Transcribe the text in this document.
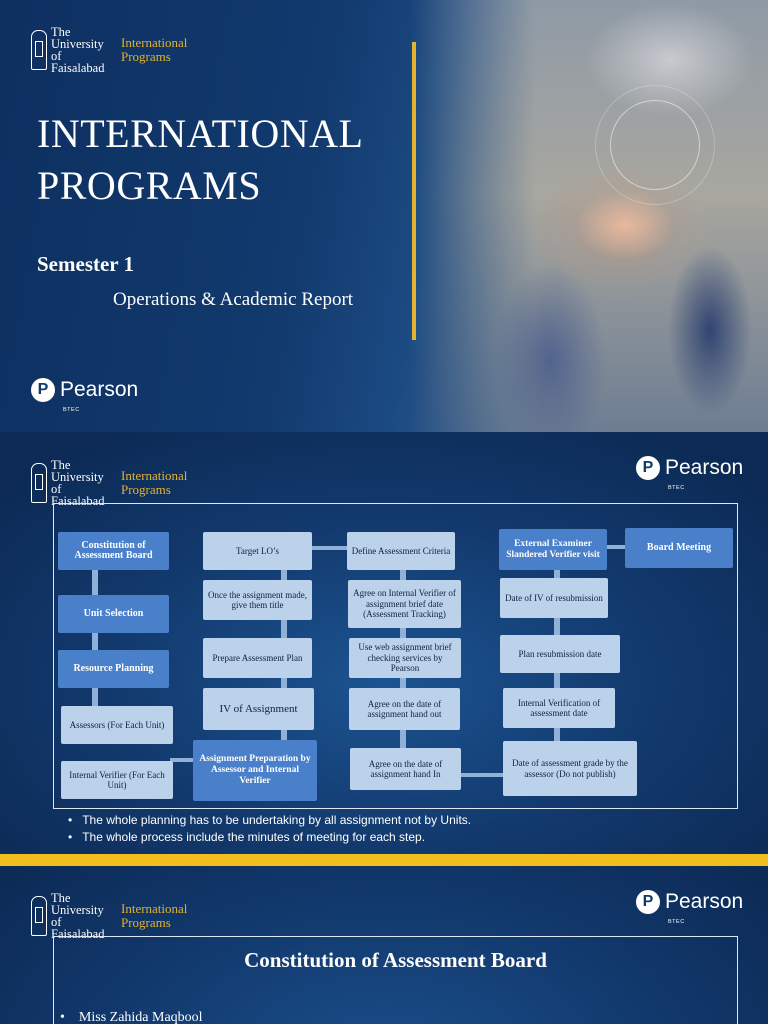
The
University of
Faisalabad
International
Programs
INTERNATIONAL
PROGRAMS
Semester 1
Operations & Academic Report
P Pearson
BTEC
The
University of
Faisalabad
International
Programs
P Pearson
BTEC
Constitution of Assessment Board
Unit Selection
Resource Planning
Assessors (For Each Unit)
Internal Verifier (For Each Unit)
Target LO’s
Once the assignment made, give them title
Prepare Assessment Plan
IV of Assignment
Assignment Preparation by Assessor and Internal Verifier
Define Assessment Criteria
Agree on Internal Verifier of assignment brief date (Assessment Tracking)
Use web assignment brief checking services by Pearson
Agree on the date of assignment hand out
Agree on the date of assignment hand In
External Examiner Slandered Verifier visit
Date of IV of resubmission
Plan resubmission date
Internal Verification of assessment date
Date of assessment grade by the assessor (Do not publish)
Board Meeting
• The whole planning has to be undertaking by all assignment not by Units.
• The whole process include the minutes of meeting for each step.
The
University of
Faisalabad
International
Programs
P Pearson
BTEC
Constitution of Assessment Board
• Miss Zahida Maqbool
